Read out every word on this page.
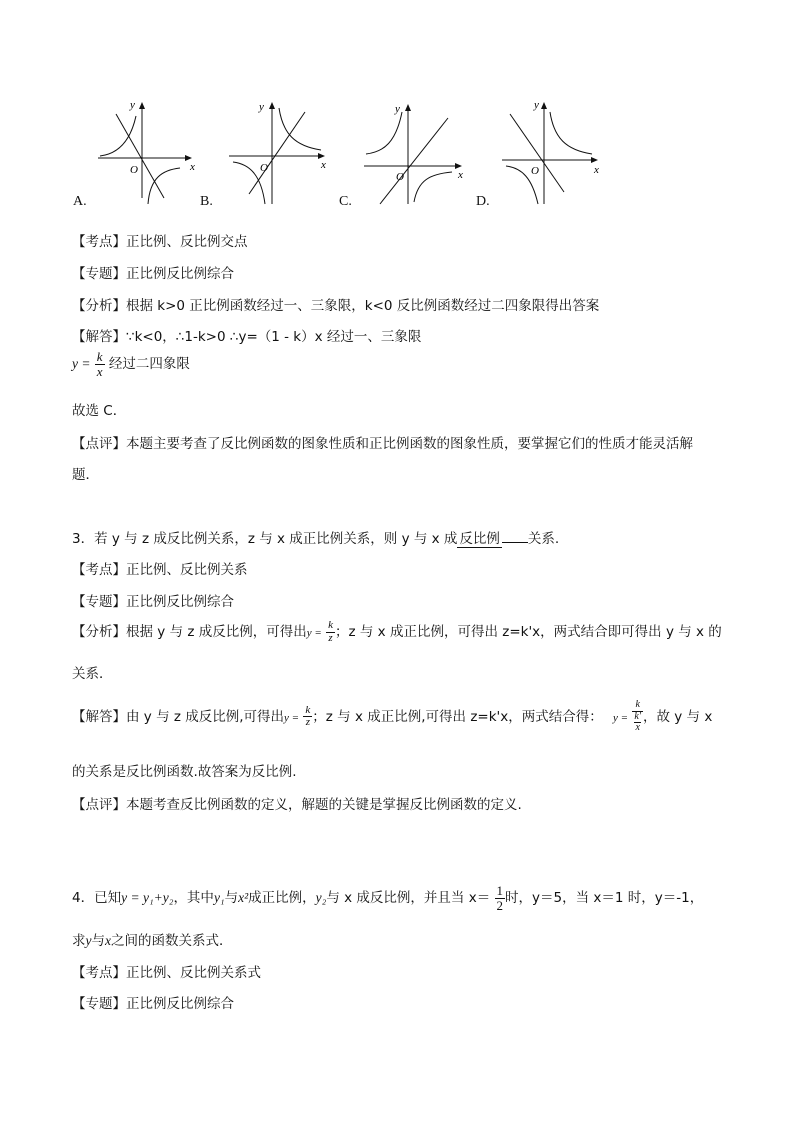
y
x
O
A.
y
x
O
B.
y
x
O
C.
y
x
O
D.
【考点】正比例、反比例交点
【专题】正比例反比例综合
【分析】根据 k>0 正比例函数经过一、三象限，k<0 反比例函数经过二四象限得出答案
【解答】∵k<0，∴1-k>0 ∴y=（1 - k）x 经过一、三象限
$y = \frac{k}{x}$ 经过二四象限
故选 C．
【点评】本题主要考查了反比例函数的图象性质和正比例函数的图象性质，要掌握它们的性质才能灵活解
题．
3．若 y 与 z 成反比例关系，z 与 x 成正比例关系，则 y 与 x 成 反比例 关系.
【考点】正比例、反比例关系
【专题】正比例反比例综合
【分析】根据 y 与 z 成反比例，可得出$y = \frac{k}{z}$ ；z 与 x 成正比例，可得出 z=k'x，两式结合即可得出 y 与 x 的
关系．
【解答】由 y 与 z 成反比例,可得出$y = \frac{k}{z}$ ；z 与 x 成正比例,可得出 z=k'x，两式结合得： y = k
k'
x ，故 y 与 x
的关系是反比例函数.故答案为反比例.
【点评】本题考查反比例函数的定义，解题的关键是掌握反比例函数的定义.
4．已知y = y₁+y₂，其中y₁与x²成正比例，y₂与 x 成反比例，并且当 $x= \frac{1}{2}$ 时，y＝5，当 x＝1 时，y＝-1，
求y与x之间的函数关系式．
【考点】正比例、反比例关系式
【专题】正比例反比例综合
